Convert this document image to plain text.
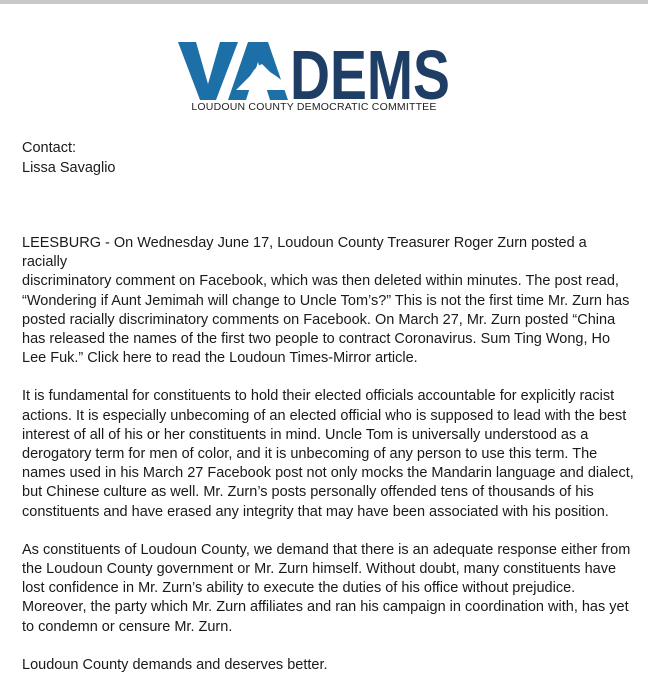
DEMS
LOUDOUN COUNTY DEMOCRATIC COMMITTEE
Contact:
Lissa Savaglio

LEESBURG - On Wednesday June 17, Loudoun County Treasurer Roger Zurn posted a racially
discriminatory comment on Facebook, which was then deleted within minutes. The post read,
“Wondering if Aunt Jemimah will change to Uncle Tom’s?” This is not the first time Mr. Zurn has
posted racially discriminatory comments on Facebook. On March 27, Mr. Zurn posted “China
has released the names of the first two people to contract Coronavirus. Sum Ting Wong, Ho
Lee Fuk.” Click here to read the Loudoun Times-Mirror article.

It is fundamental for constituents to hold their elected officials accountable for explicitly racist
actions. It is especially unbecoming of an elected official who is supposed to lead with the best
interest of all of his or her constituents in mind. Uncle Tom is universally understood as a
derogatory term for men of color, and it is unbecoming of any person to use this term. The
names used in his March 27 Facebook post not only mocks the Mandarin language and dialect,
but Chinese culture as well. Mr. Zurn’s posts personally offended tens of thousands of his
constituents and have erased any integrity that may have been associated with his position.

As constituents of Loudoun County, we demand that there is an adequate response either from
the Loudoun County government or Mr. Zurn himself. Without doubt, many constituents have
lost confidence in Mr. Zurn’s ability to execute the duties of his office without prejudice.
Moreover, the party which Mr. Zurn affiliates and ran his campaign in coordination with, has yet
to condemn or censure Mr. Zurn.

Loudoun County demands and deserves better.
